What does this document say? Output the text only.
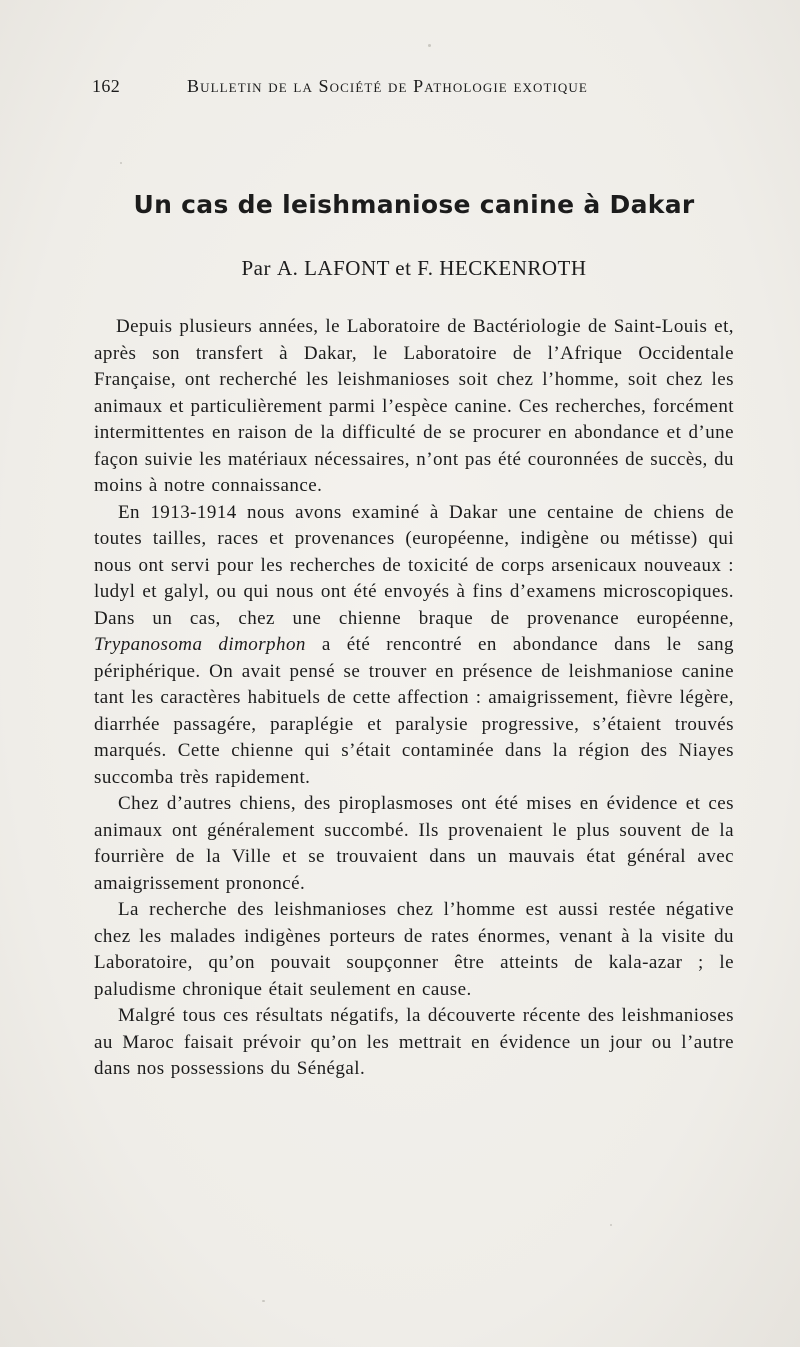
162	Bulletin de la Société de Pathologie exotique
Un cas de leishmaniose canine à Dakar
Par A. LAFONT et F. HECKENROTH

Depuis plusieurs années, le Laboratoire de Bactériologie de Saint-Louis et, après son transfert à Dakar, le Laboratoire de l’Afrique Occidentale Française, ont recherché les leishmanioses soit chez l’homme, soit chez les animaux et particulièrement parmi l’espèce canine. Ces recherches, forcément intermittentes en raison de la difficulté de se procurer en abondance et d’une façon suivie les matériaux nécessaires, n’ont pas été couronnées de succès, du moins à notre connaissance.

En 1913-1914 nous avons examiné à Dakar une centaine de chiens de toutes tailles, races et provenances (européenne, indigène ou métisse) qui nous ont servi pour les recherches de toxicité de corps arsenicaux nouveaux : ludyl et galyl, ou qui nous ont été envoyés à fins d’examens microscopiques. Dans un cas, chez une chienne braque de provenance européenne, Trypanosoma dimorphon a été rencontré en abondance dans le sang périphérique. On avait pensé se trouver en présence de leishmaniose canine tant les caractères habituels de cette affection : amaigrissement, fièvre légère, diarrhée passagére, paraplégie et paralysie progressive, s’étaient trouvés marqués. Cette chienne qui s’était contaminée dans la région des Niayes succomba très rapidement.

Chez d’autres chiens, des piroplasmoses ont été mises en évidence et ces animaux ont généralement succombé. Ils provenaient le plus souvent de la fourrière de la Ville et se trouvaient dans un mauvais état général avec amaigrissement prononcé.

La recherche des leishmanioses chez l’homme est aussi restée négative chez les malades indigènes porteurs de rates énormes, venant à la visite du Laboratoire, qu’on pouvait soupçonner être atteints de kala-azar ; le paludisme chronique était seulement en cause.

Malgré tous ces résultats négatifs, la découverte récente des leishmanioses au Maroc faisait prévoir qu’on les mettrait en évidence un jour ou l’autre dans nos possessions du Sénégal.
